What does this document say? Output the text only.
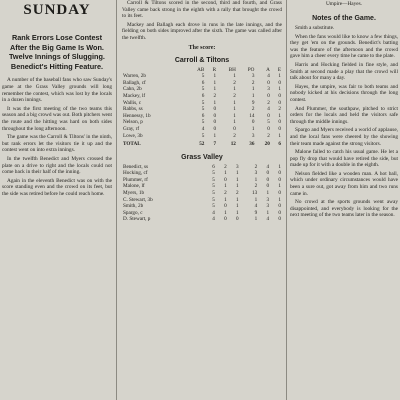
SUNDAY
Rank Errors Lose Contest After the Big Game Is Won. Twelve Innings of Slugging. Benedict's Hitting Feature.

A number of the baseball fans who saw Sunday's game at the Grass Valley grounds will long remember the contest, which was lost by the locals in a dozen innings.

It was the first meeting of the two teams this season and a big crowd was out. Both pitchers went the route and the hitting was hard on both sides throughout the long afternoon.

The game was the Carroll & Tiltons' in the ninth, but rank errors let the visitors tie it up and the contest went on into extra innings.

In the twelfth Benedict and Myers crossed the plate on a drive to right and the locals could not come back in their half of the inning.

Again in the eleventh Benedict was on with the score standing even and the crowd on its feet, but the side was retired before he could reach home.

Carroll & Tiltons scored in the second, third and fourth, and Grass Valley came back strong in the eighth with a rally that brought the crowd to its feet.

Mackey and Ballagh each drove in runs in the late innings, and the fielding on both sides improved after the sixth. The game was called after the twelfth.

The score:
Carroll & Tiltons
	AB	R	BH	PO	A	E
Warren, 2b	5	1	1	3	4	1
Ballagh, cf	6	1	2	2	0	0
Cahn, 2b	5	1	1	1	3	1
Mackey, lf	6	2	2	1	0	0
Wallis, c	5	1	1	9	2	0
Rabbs, ss	5	0	1	2	4	2
Hennessy, 1b	6	0	1	14	0	1
Nelson, p	5	0	1	0	5	0
Gray, rf	4	0	0	1	0	0
Lowe, 3b	5	1	2	3	2	1
TOTAL	52	7	12	36	20	6
Grass Valley
Benedict, ss	6	2	3	2	4	1
Hocking, cf	5	1	1	3	0	0
Plummer, rf	5	0	1	1	0	0
Malone, lf	5	1	1	2	0	1
Myers, 1b	5	2	2	13	1	0
C. Stewart, 3b	5	1	1	1	3	1
Smith, 2b	5	0	1	4	3	0
Spargo, c	4	1	1	9	1	0
D. Stewart, p	4	0	0	1	4	0
Umpire—Hayes.
Notes of the Game.

Smith a substitute.

When the fans would like to know a few things, they get 'em on the grounds. Benedict's batting was the feature of the afternoon and the crowd gave him a cheer every time he came to the plate.

Harris and Hocking fielded in fine style, and Smith at second made a play that the crowd will talk about for many a day.

Hayes, the umpire, was fair to both teams and nobody kicked at his decisions through the long contest.

And Plummer, the southpaw, pitched to strict orders for the locals and held the visitors safe through the middle innings.

Spargo and Myers received a world of applause, and the local fans were cheered by the showing their team made against the strong visitors.

Malone failed to catch his usual game. He let a pop fly drop that would have retired the side, but made up for it with a double in the eighth.

Nelson fielded like a wooden man. A hot ball, which under ordinary circumstances would have been a sure out, got away from him and two runs came in.

No crowd at the sports grounds went away disappointed, and everybody is looking for the next meeting of the two teams later in the season.
